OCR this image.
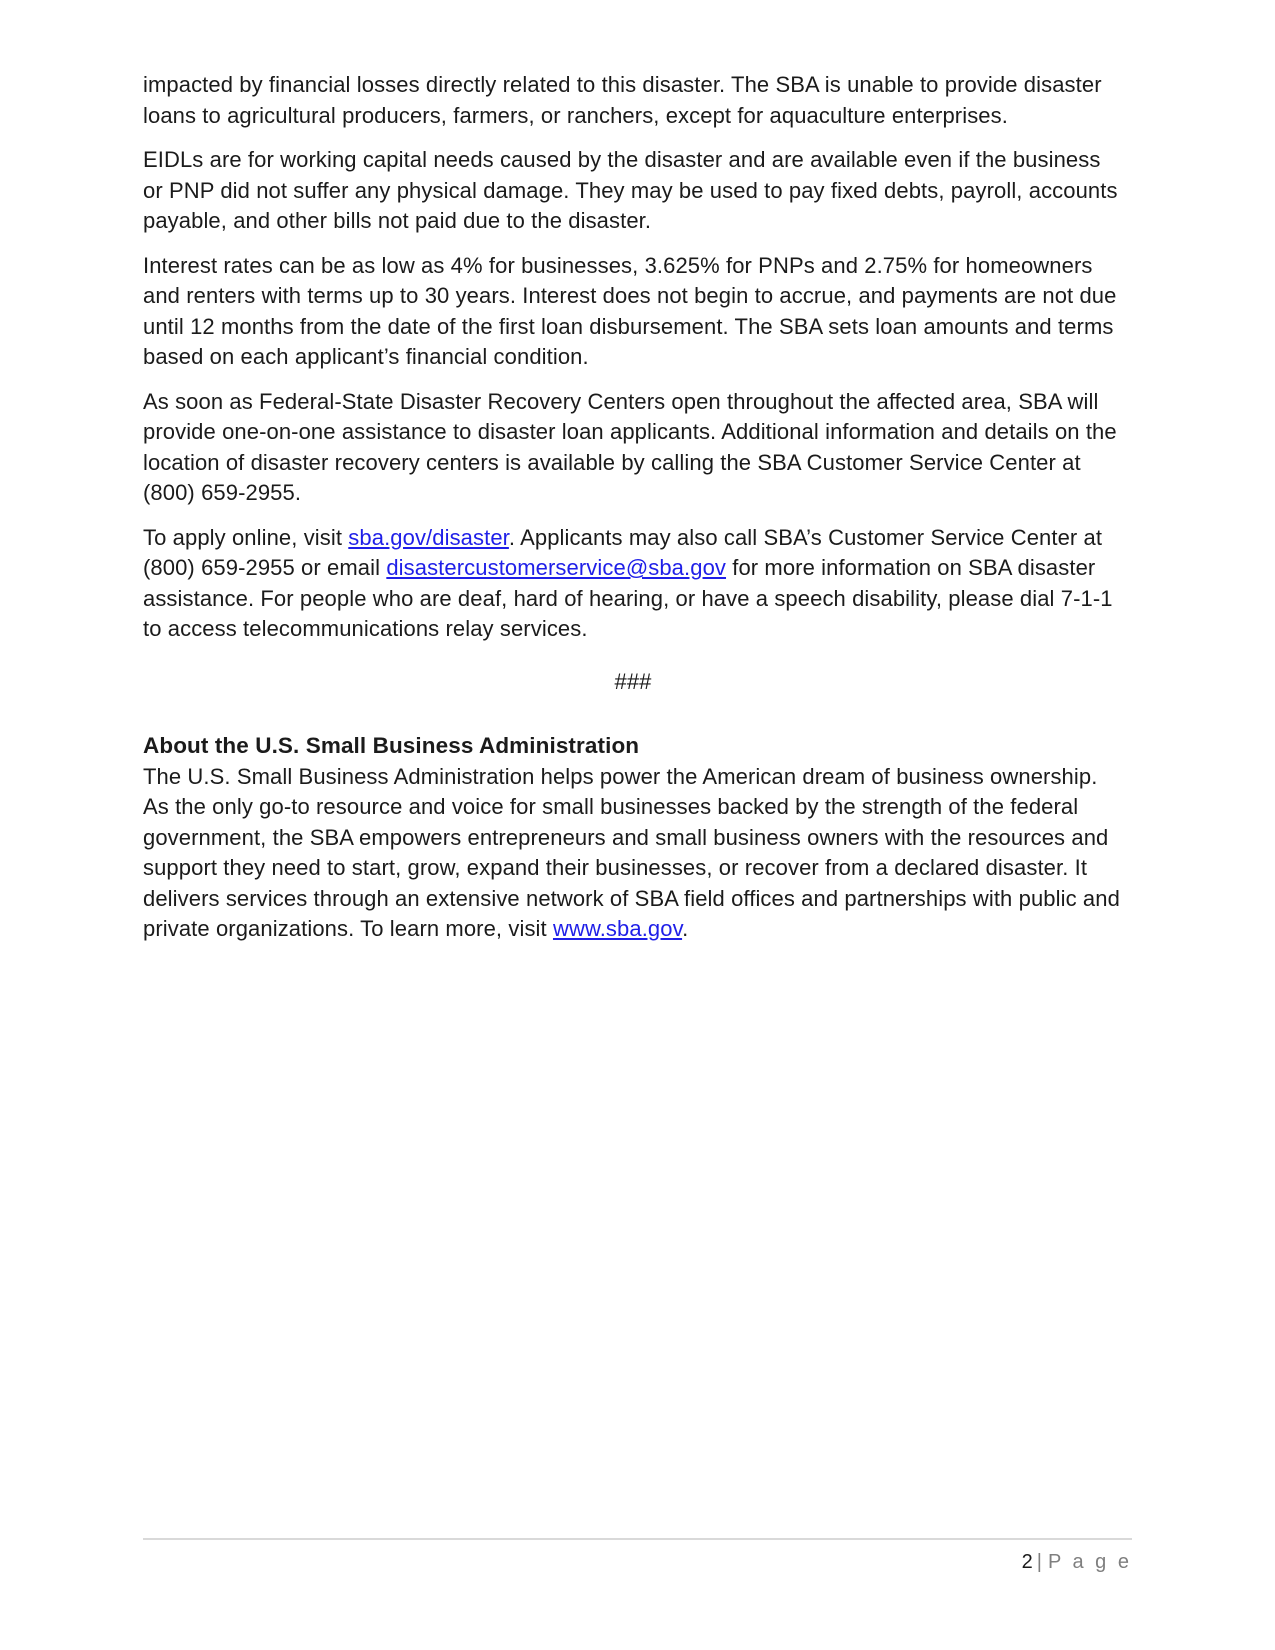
impacted by financial losses directly related to this disaster. The SBA is unable to provide disaster loans to agricultural producers, farmers, or ranchers, except for aquaculture enterprises.

EIDLs are for working capital needs caused by the disaster and are available even if the business or PNP did not suffer any physical damage. They may be used to pay fixed debts, payroll, accounts payable, and other bills not paid due to the disaster.

Interest rates can be as low as 4% for businesses, 3.625% for PNPs and 2.75% for homeowners and renters with terms up to 30 years. Interest does not begin to accrue, and payments are not due until 12 months from the date of the first loan disbursement. The SBA sets loan amounts and terms based on each applicant’s financial condition.

As soon as Federal-State Disaster Recovery Centers open throughout the affected area, SBA will provide one-on-one assistance to disaster loan applicants. Additional information and details on the location of disaster recovery centers is available by calling the SBA Customer Service Center at (800) 659-2955.

To apply online, visit sba.gov/disaster. Applicants may also call SBA’s Customer Service Center at (800) 659-2955 or email disastercustomerservice@sba.gov for more information on SBA disaster assistance. For people who are deaf, hard of hearing, or have a speech disability, please dial 7-1-1 to access telecommunications relay services.

###

About the U.S. Small Business Administration

The U.S. Small Business Administration helps power the American dream of business ownership. As the only go-to resource and voice for small businesses backed by the strength of the federal government, the SBA empowers entrepreneurs and small business owners with the resources and support they need to start, grow, expand their businesses, or recover from a declared disaster. It delivers services through an extensive network of SBA field offices and partnerships with public and private organizations. To learn more, visit www.sba.gov.

2 | P a g e
